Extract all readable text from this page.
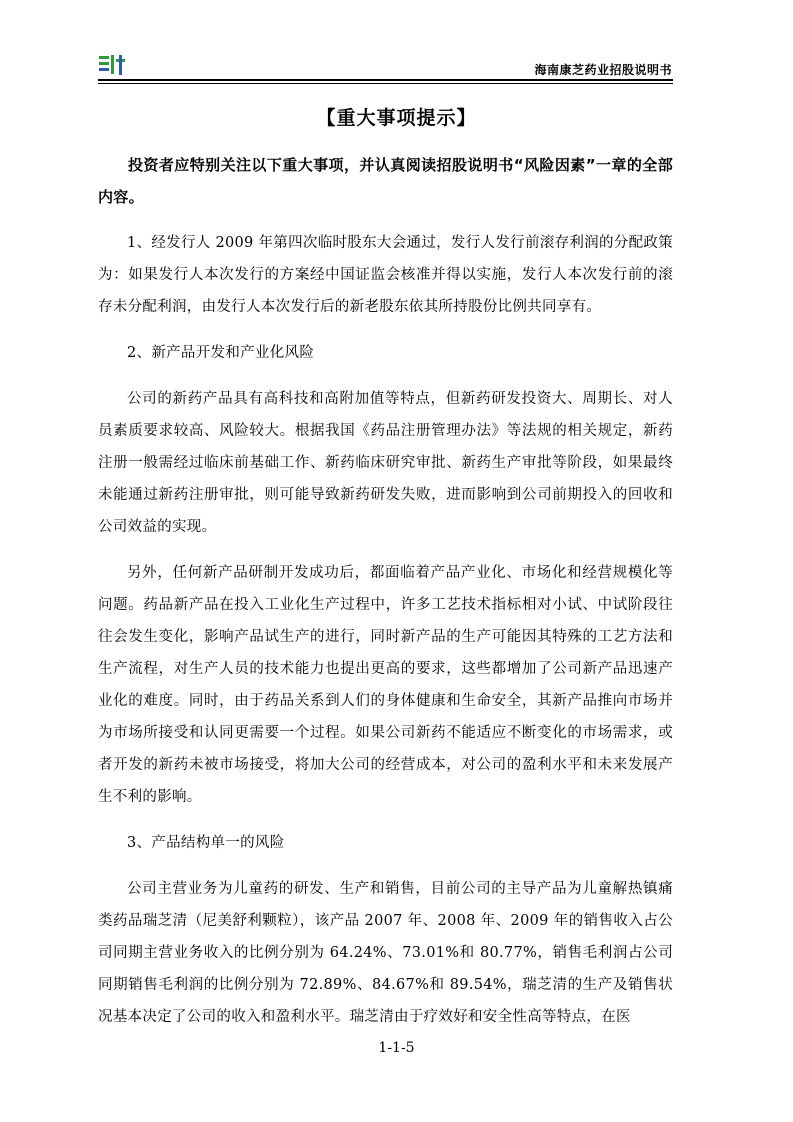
海南康芝药业招股说明书
【重大事项提示】

投资者应特别关注以下重大事项，并认真阅读招股说明书“风险因素”一章的全部内容。

1、经发行人 2009 年第四次临时股东大会通过，发行人发行前滚存利润的分配政策为：如果发行人本次发行的方案经中国证监会核准并得以实施，发行人本次发行前的滚存未分配利润，由发行人本次发行后的新老股东依其所持股份比例共同享有。

2、新产品开发和产业化风险

公司的新药产品具有高科技和高附加值等特点，但新药研发投资大、周期长、对人员素质要求较高、风险较大。根据我国《药品注册管理办法》等法规的相关规定，新药注册一般需经过临床前基础工作、新药临床研究审批、新药生产审批等阶段，如果最终未能通过新药注册审批，则可能导致新药研发失败，进而影响到公司前期投入的回收和公司效益的实现。

另外，任何新产品研制开发成功后，都面临着产品产业化、市场化和经营规模化等问题。药品新产品在投入工业化生产过程中，许多工艺技术指标相对小试、中试阶段往往会发生变化，影响产品试生产的进行，同时新产品的生产可能因其特殊的工艺方法和生产流程，对生产人员的技术能力也提出更高的要求，这些都增加了公司新产品迅速产业化的难度。同时，由于药品关系到人们的身体健康和生命安全，其新产品推向市场并为市场所接受和认同更需要一个过程。如果公司新药不能适应不断变化的市场需求，或者开发的新药未被市场接受，将加大公司的经营成本，对公司的盈利水平和未来发展产生不利的影响。

3、产品结构单一的风险

公司主营业务为儿童药的研发、生产和销售，目前公司的主导产品为儿童解热镇痛类药品瑞芝清（尼美舒利颗粒），该产品 2007 年、2008 年、2009 年的销售收入占公司同期主营业务收入的比例分别为 64.24%、73.01%和 80.77%，销售毛利润占公司同期销售毛利润的比例分别为 72.89%、84.67%和 89.54%，瑞芝清的生产及销售状况基本决定了公司的收入和盈利水平。瑞芝清由于疗效好和安全性高等特点，在医

1-1-5
